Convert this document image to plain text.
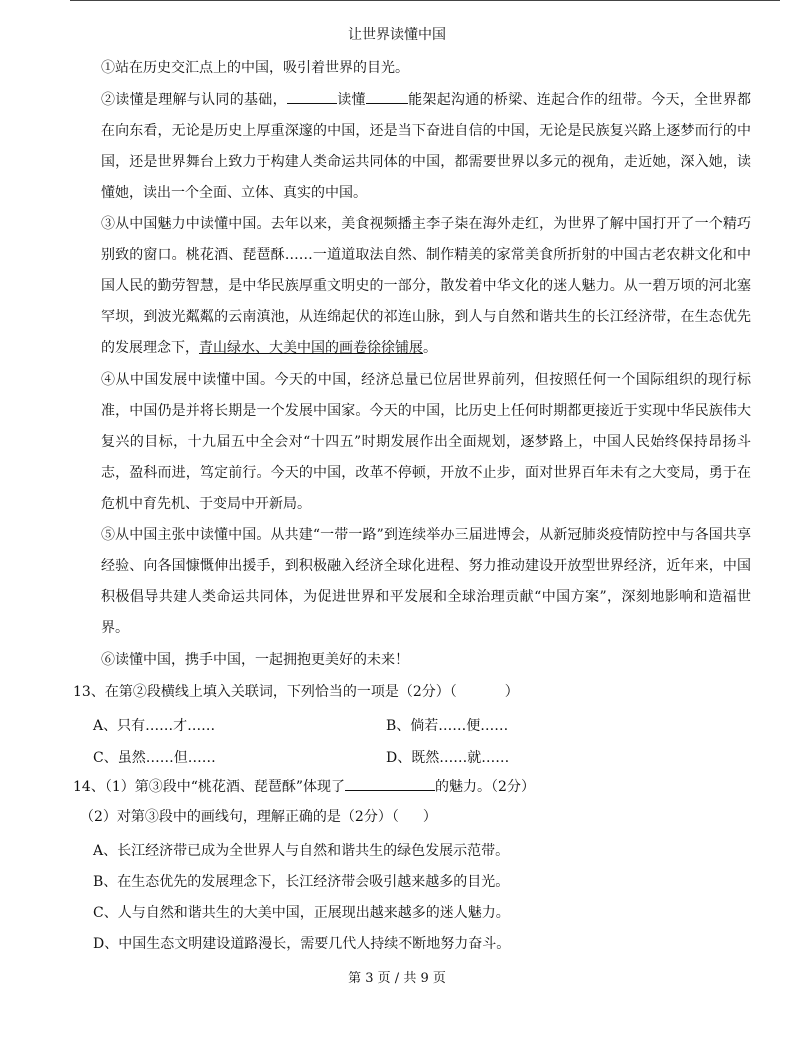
让世界读懂中国
①站在历史交汇点上的中国，吸引着世界的目光。
②读懂是理解与认同的基础，	读懂	能架起沟通的桥梁、连起合作的纽带。今天，全世界都在向东看，无论是历史上厚重深邃的中国，还是当下奋进自信的中国，无论是民族复兴路上逐梦而行的中国，还是世界舞台上致力于构建人类命运共同体的中国，都需要世界以多元的视角，走近她，深入她，读懂她，读出一个全面、立体、真实的中国。
③从中国魅力中读懂中国。去年以来，美食视频播主李子柒在海外走红，为世界了解中国打开了一个精巧别致的窗口。桃花酒、琵琶酥……一道道取法自然、制作精美的家常美食所折射的中国古老农耕文化和中国人民的勤劳智慧，是中华民族厚重文明史的一部分，散发着中华文化的迷人魅力。从一碧万顷的河北塞罕坝，到波光粼粼的云南滇池，从连绵起伏的祁连山脉，到人与自然和谐共生的长江经济带，在生态优先的发展理念下，青山绿水、大美中国的画卷徐徐铺展。
④从中国发展中读懂中国。今天的中国，经济总量已位居世界前列，但按照任何一个国际组织的现行标准，中国仍是并将长期是一个发展中国家。今天的中国，比历史上任何时期都更接近于实现中华民族伟大复兴的目标，十九届五中全会对“十四五”时期发展作出全面规划，逐梦路上，中国人民始终保持昂扬斗志，盈科而进，笃定前行。今天的中国，改革不停顿，开放不止步，面对世界百年未有之大变局，勇于在危机中育先机、于变局中开新局。
⑤从中国主张中读懂中国。从共建“一带一路”到连续举办三届进博会，从新冠肺炎疫情防控中与各国共享经验、向各国慷慨伸出援手，到积极融入经济全球化进程、努力推动建设开放型世界经济，近年来，中国积极倡导共建人类命运共同体，为促进世界和平发展和全球治理贡献“中国方案”，深刻地影响和造福世界。
⑥读懂中国，携手中国，一起拥抱更美好的未来！
13、在第②段横线上填入关联词，下列恰当的一项是（2分）（	）
A、只有……才……	B、倘若……便……
C、虽然……但……	D、既然……就……
14、（1）第③段中“桃花酒、琵琶酥”体现了	的魅力。（2分）
（2）对第③段中的画线句，理解正确的是（2分）（ ）
A、长江经济带已成为全世界人与自然和谐共生的绿色发展示范带。
B、在生态优先的发展理念下，长江经济带会吸引越来越多的目光。
C、人与自然和谐共生的大美中国，正展现出越来越多的迷人魅力。
D、中国生态文明建设道路漫长，需要几代人持续不断地努力奋斗。
第 3 页 / 共 9 页
